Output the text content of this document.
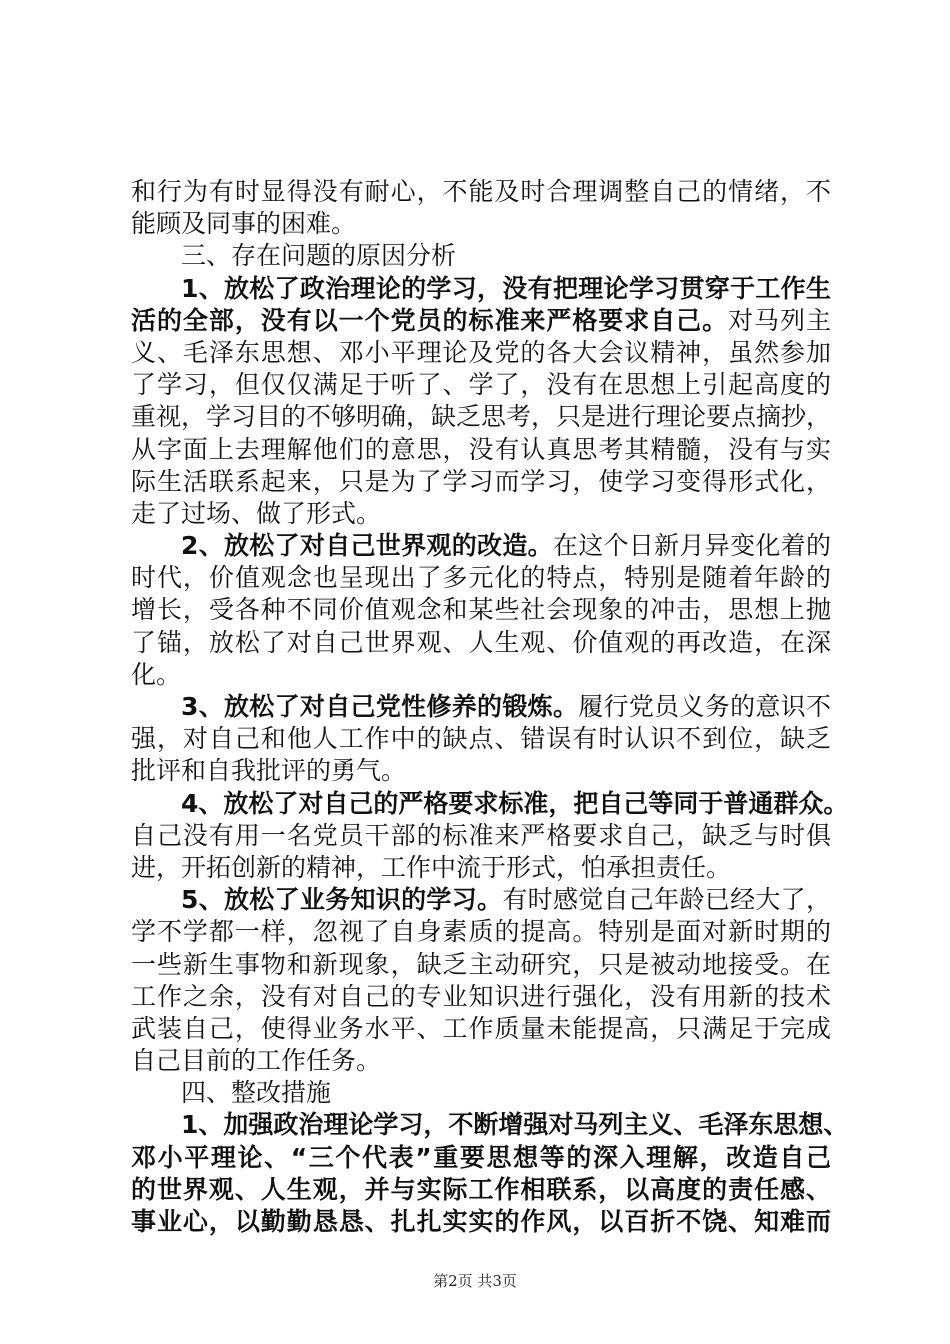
和行为有时显得没有耐心，不能及时合理调整自己的情绪，不
能顾及同事的困难。
三、存在问题的原因分析
1、放松了政治理论的学习，没有把理论学习贯穿于工作生
活的全部，没有以一个党员的标准来严格要求自己。对马列主
义、毛泽东思想、邓小平理论及党的各大会议精神，虽然参加
了学习，但仅仅满足于听了、学了，没有在思想上引起高度的
重视，学习目的不够明确，缺乏思考，只是进行理论要点摘抄，
从字面上去理解他们的意思，没有认真思考其精髓，没有与实
际生活联系起来，只是为了学习而学习，使学习变得形式化，
走了过场、做了形式。
2、放松了对自己世界观的改造。在这个日新月异变化着的
时代，价值观念也呈现出了多元化的特点，特别是随着年龄的
增长，受各种不同价值观念和某些社会现象的冲击，思想上抛
了锚，放松了对自己世界观、人生观、价值观的再改造，在深
化。
3、放松了对自己党性修养的锻炼。履行党员义务的意识不
强，对自己和他人工作中的缺点、错误有时认识不到位，缺乏
批评和自我批评的勇气。
4、放松了对自己的严格要求标准，把自己等同于普通群众。
自己没有用一名党员干部的标准来严格要求自己，缺乏与时俱
进，开拓创新的精神，工作中流于形式，怕承担责任。
5、放松了业务知识的学习。有时感觉自己年龄已经大了，
学不学都一样，忽视了自身素质的提高。特别是面对新时期的
一些新生事物和新现象，缺乏主动研究，只是被动地接受。在
工作之余，没有对自己的专业知识进行强化，没有用新的技术
武装自己，使得业务水平、工作质量未能提高，只满足于完成
自己目前的工作任务。
四、整改措施
1、加强政治理论学习，不断增强对马列主义、毛泽东思想、
邓小平理论、“三个代表”重要思想等的深入理解，改造自己
的世界观、人生观，并与实际工作相联系，以高度的责任感、
事业心，以勤勤恳恳、扎扎实实的作风，以百折不饶、知难而
第2页 共3页
